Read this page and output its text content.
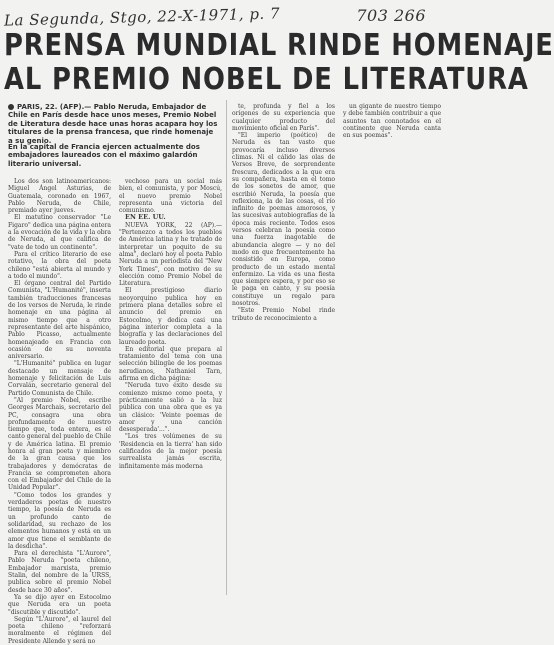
La Segunda, Stgo, 22-X-1971, p. 7	703 266
PRENSA MUNDIAL RINDE HOMENAJE
AL PREMIO NOBEL DE LITERATURA
PARIS, 22. (AFP).— Pablo Neruda, Embajador de Chile en París desde hace unos meses, Premio Nobel de Literatura desde hace unas horas acapara hoy los titulares de la prensa francesa, que rinde homenaje a su genio.
En la capital de Francia ejercen actualmente dos embajadores laureados con el máximo galardón literario universal.

Los dos son latinoamericanos: Miguel Ángel Asturias, de Guatemala, coronado en 1967, Pablo Neruda, de Chile, premiado ayer jueves.

El matutino conservador "Le Figaro" dedica una página entera a la evocación de la vida y la obra de Neruda, al que califica de "vate de todo un continente".

Para el crítico literario de ese rotativo, la obra del poeta chileno "está abierta al mundo y a todo el mundo".

El órgano central del Partido Comunista, "L'Humanité", inserta también traducciones francesas de los versos de Neruda, le rinde homenaje en una página al mismo tiempo que a otro representante del arte hispánico, Pablo Picasso, actualmente homenajeado en Francia con ocasión de su noventa aniversario.

"L'Humanité" publica en lugar destacado un mensaje de homenaje y felicitación de Luis Corvalán, secretario general del Partido Comunista de Chile.

"Al premio Nobel, escribe Georges Marchais, secretario del PC, consagra una obra profundamente de nuestro tiempo que, toda entera, es el canto general del pueblo de Chile y de América latina. El premio honra al gran poeta y miembro de la gran causa que los trabajadores y demócratas de Francia se comprometen ahora con el Embajador del Chile de la Unidad Popular".

"Como todos los grandes y verdaderos poetas de nuestro tiempo, la poesía de Neruda es un profundo canto de solidaridad, su rechazo de los elementos humanos y está en un amor que tiene el semblante de la desdicha".

Para el derechista "L'Aurore", Pablo Neruda "poeta chileno, Embajador marxista, premio Stalin, del nombre de la URSS, publica sobre el premio Nobel desde hace 30 años".

Ya se dijo ayer en Estocolmo que Neruda era un poeta "discutible y discutido".

Según "L'Aurore", el laurel del poeta chileno "reforzará moralmente el régimen del Presidente Allende y será no

vechoso para un social más bien, el comunista, y por Moscú, el nuevo premio Nobel representa una victoria del comunismo.

EN EE. UU.

NUEVA YORK, 22 (AP).— "Pertenezco a todos los pueblos de América latina y he tratado de interpretar un poquito de su alma", declaró hoy el poeta Pablo Neruda a un periodista del "New York Times", con motivo de su elección como Premio Nobel de Literatura.

El prestigioso diario neoyorquino publica hoy en primera plana detalles sobre el anuncio del premio en Estocolmo, y dedica casi una página interior completa a la biografía y las declaraciones del laureado poeta.

En editorial que prepara al tratamiento del tema con una selección bilingüe de los poemas nerudianos, Nathaniel Tarn, afirma en dicha página:

"Neruda tuvo éxito desde su comienzo mismo como poeta, y prácticamente salió a la luz pública con una obra que es ya un clásico: 'Veinte poemas de amor y una canción desesperada'...".

"Los tres volúmenes de su 'Residencia en la tierra' han sido calificados de la mejor poesía surrealista jamás escrita, infinitamente más moderna

te, profunda y fiel a los orígenes de su experiencia que cualquier producto del movimiento oficial en París".

"El imperio (poético) de Neruda es tan vasto que provocaría incluso diversos climas. Ni el cálido las olas de Versos Breve, de sorprendente frescura, dedicados a la que era su compañera, hasta en el tomo de los sonetos de amor, que escribió Neruda, la poesía que reflexiona, la de las cosas, el río infinito de poemas amorosos, y las sucesivas autobiografías de la época más reciente. Todos esos versos celebran la poesía como una fuerza inagotable de abundancia alegre — y no del modo en que frecuentemente ha consistido en Europa, como producto de un estado mental enfermizo. La vida es una fiesta que siempre espera, y por eso se le paga en canto, y su poesía constituye un regalo para nosotros.

"Este Premio Nobel rinde tributo de reconocimiento a

un gigante de nuestro tiempo y debe también contribuir a que asuntos tan connotados en el continente que Neruda canta en sus poemas".
